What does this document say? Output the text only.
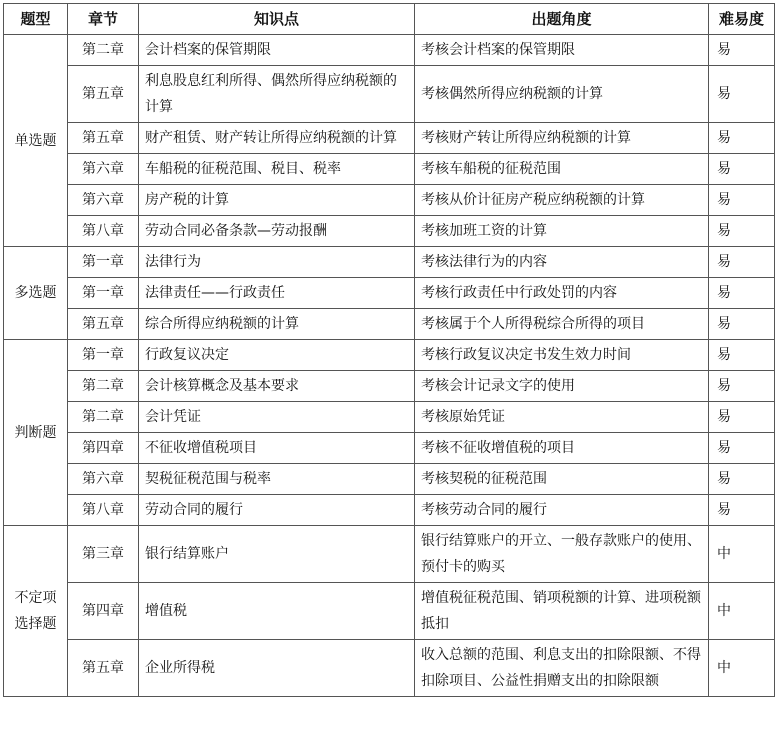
题型	章节	知识点	出题角度	难易度
单选题	第二章	会计档案的保管期限	考核会计档案的保管期限	易
	第五章	利息股息红利所得、偶然所得应纳税额的计算	考核偶然所得应纳税额的计算	易
	第五章	财产租赁、财产转让所得应纳税额的计算	考核财产转让所得应纳税额的计算	易
	第六章	车船税的征税范围、税目、税率	考核车船税的征税范围	易
	第六章	房产税的计算	考核从价计征房产税应纳税额的计算	易
	第八章	劳动合同必备条款—劳动报酬	考核加班工资的计算	易
多选题	第一章	法律行为	考核法律行为的内容	易
	第一章	法律责任——行政责任	考核行政责任中行政处罚的内容	易
	第五章	综合所得应纳税额的计算	考核属于个人所得税综合所得的项目	易
判断题	第一章	行政复议决定	考核行政复议决定书发生效力时间	易
	第二章	会计核算概念及基本要求	考核会计记录文字的使用	易
	第二章	会计凭证	考核原始凭证	易
	第四章	不征收增值税项目	考核不征收增值税的项目	易
	第六章	契税征税范围与税率	考核契税的征税范围	易
	第八章	劳动合同的履行	考核劳动合同的履行	易
不定项选择题	第三章	银行结算账户	银行结算账户的开立、一般存款账户的使用、预付卡的购买	中
	第四章	增值税	增值税征税范围、销项税额的计算、进项税额抵扣	中
	第五章	企业所得税	收入总额的范围、利息支出的扣除限额、不得扣除项目、公益性捐赠支出的扣除限额	中
